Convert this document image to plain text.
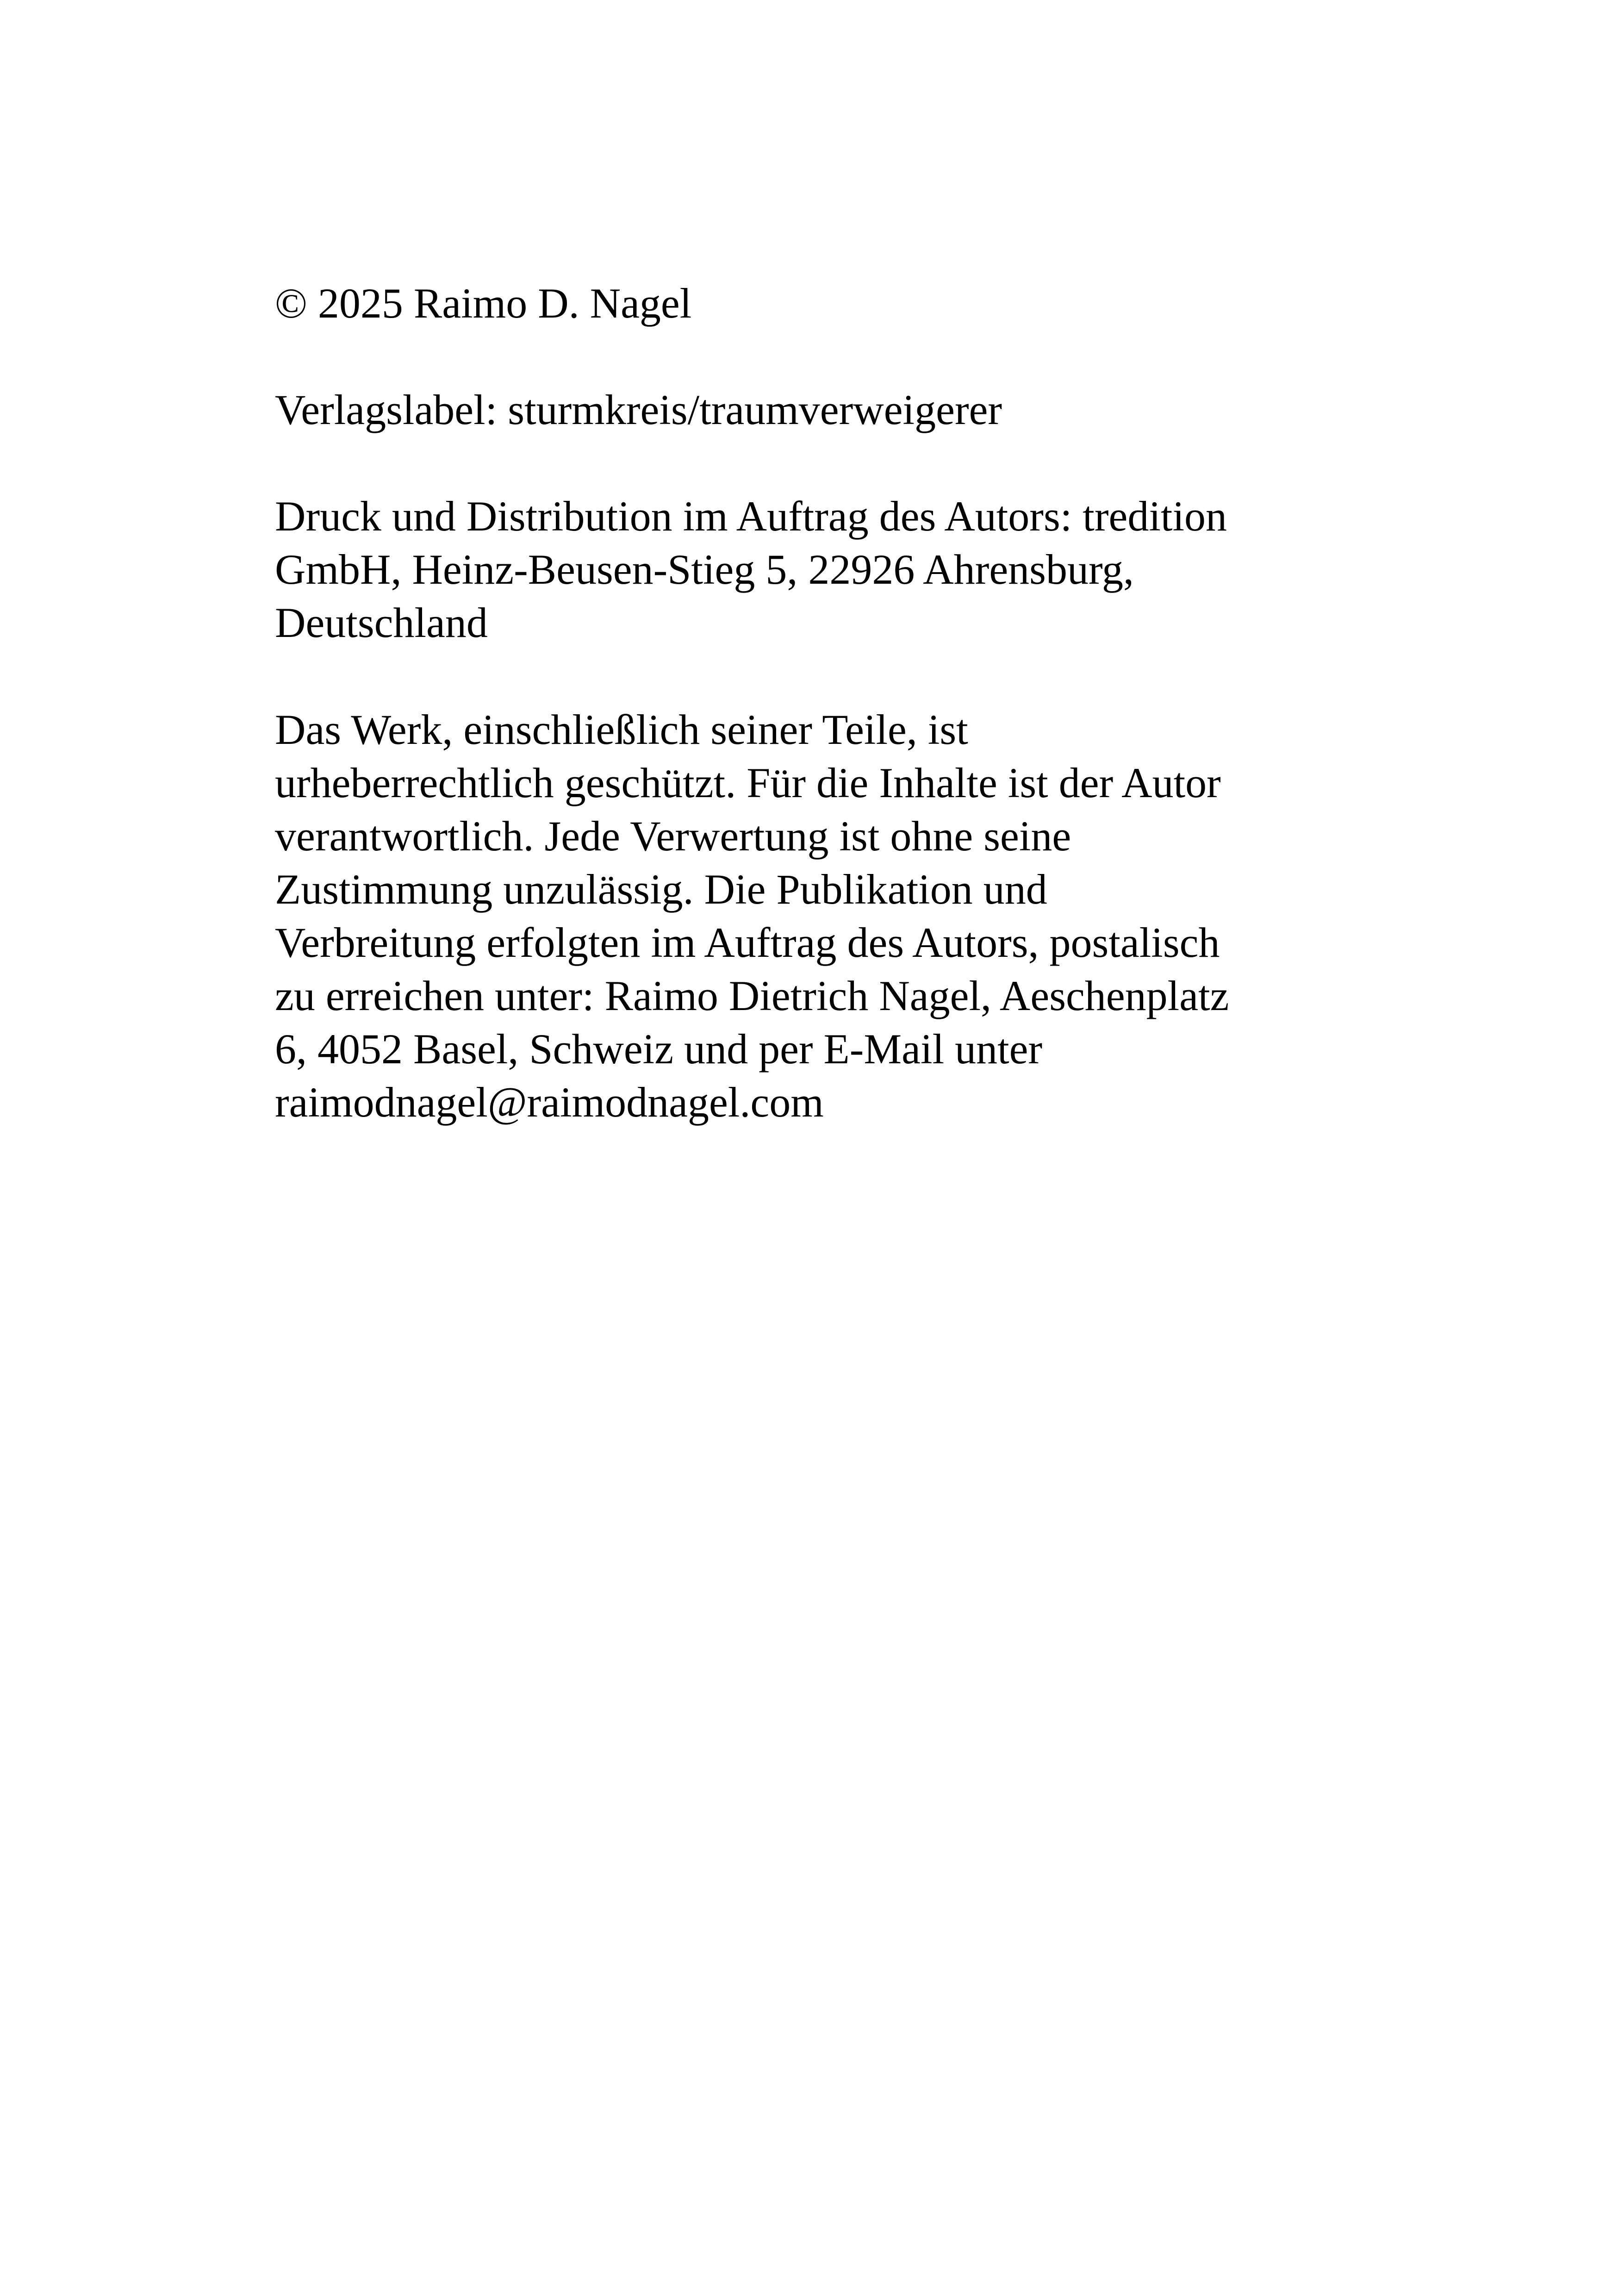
© 2025 Raimo D. Nagel

Verlagslabel: sturmkreis/traumverweigerer

Druck und Distribution im Auftrag des Autors: tredition
GmbH, Heinz-Beusen-Stieg 5, 22926 Ahrensburg,
Deutschland

Das Werk, einschließlich seiner Teile, ist
urheberrechtlich geschützt. Für die Inhalte ist der Autor
verantwortlich. Jede Verwertung ist ohne seine
Zustimmung unzulässig. Die Publikation und
Verbreitung erfolgten im Auftrag des Autors, postalisch
zu erreichen unter: Raimo Dietrich Nagel, Aeschenplatz
6, 4052 Basel, Schweiz und per E-Mail unter
raimodnagel@raimodnagel.com
